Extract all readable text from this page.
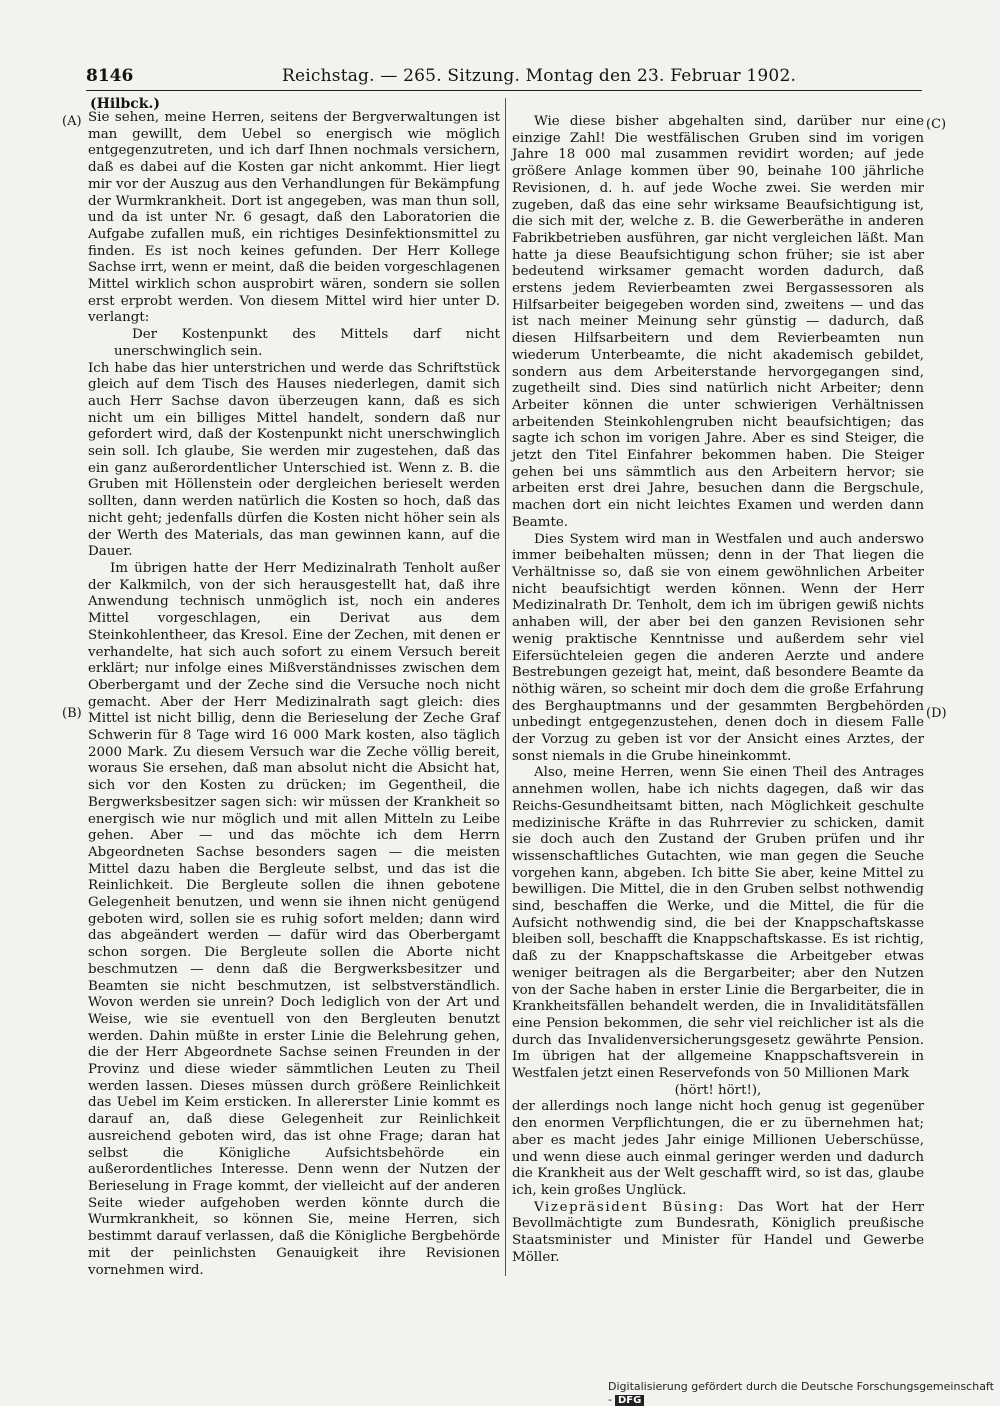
8146	Reichstag. — 265. Sitzung. Montag den 23. Februar 1902.
(Hilbck.)
(A)
(B)
(C)
(D)

Sie sehen, meine Herren, seitens der Bergverwaltungen ist man gewillt, dem Uebel so energisch wie möglich entgegenzutreten, und ich darf Ihnen nochmals versichern, daß es dabei auf die Kosten gar nicht ankommt. Hier liegt mir vor der Auszug aus den Verhandlungen für Bekämpfung der Wurmkrankheit. Dort ist angegeben, was man thun soll, und da ist unter Nr. 6 gesagt, daß den Laboratorien die Aufgabe zufallen muß, ein richtiges Desinfektionsmittel zu finden. Es ist noch keines gefunden. Der Herr Kollege Sachse irrt, wenn er meint, daß die beiden vorgeschlagenen Mittel wirklich schon ausprobirt wären, sondern sie sollen erst erprobt werden. Von diesem Mittel wird hier unter D. verlangt:

Der Kostenpunkt des Mittels darf nicht unerschwinglich sein.

Ich habe das hier unterstrichen und werde das Schriftstück gleich auf dem Tisch des Hauses niederlegen, damit sich auch Herr Sachse davon überzeugen kann, daß es sich nicht um ein billiges Mittel handelt, sondern daß nur gefordert wird, daß der Kostenpunkt nicht unerschwinglich sein soll. Ich glaube, Sie werden mir zugestehen, daß das ein ganz außerordentlicher Unterschied ist. Wenn z. B. die Gruben mit Höllenstein oder dergleichen berieselt werden sollten, dann werden natürlich die Kosten so hoch, daß das nicht geht; jedenfalls dürfen die Kosten nicht höher sein als der Werth des Materials, das man gewinnen kann, auf die Dauer.

Im übrigen hatte der Herr Medizinalrath Tenholt außer der Kalkmilch, von der sich herausgestellt hat, daß ihre Anwendung technisch unmöglich ist, noch ein anderes Mittel vorgeschlagen, ein Derivat aus dem Steinkohlentheer, das Kresol. Eine der Zechen, mit denen er verhandelte, hat sich auch sofort zu einem Versuch bereit erklärt; nur infolge eines Mißverständnisses zwischen dem Oberbergamt und der Zeche sind die Versuche noch nicht gemacht. Aber der Herr Medizinalrath sagt gleich: dies Mittel ist nicht billig, denn die Berieselung der Zeche Graf Schwerin für 8 Tage wird 16 000 Mark kosten, also täglich 2000 Mark. Zu diesem Versuch war die Zeche völlig bereit, woraus Sie ersehen, daß man absolut nicht die Absicht hat, sich vor den Kosten zu drücken; im Gegentheil, die Bergwerksbesitzer sagen sich: wir müssen der Krankheit so energisch wie nur möglich und mit allen Mitteln zu Leibe gehen. Aber — und das möchte ich dem Herrn Abgeordneten Sachse besonders sagen — die meisten Mittel dazu haben die Bergleute selbst, und das ist die Reinlichkeit. Die Bergleute sollen die ihnen gebotene Gelegenheit benutzen, und wenn sie ihnen nicht genügend geboten wird, sollen sie es ruhig sofort melden; dann wird das abgeändert werden — dafür wird das Oberbergamt schon sorgen. Die Bergleute sollen die Aborte nicht beschmutzen — denn daß die Bergwerksbesitzer und Beamten sie nicht beschmutzen, ist selbstverständlich. Wovon werden sie unrein? Doch lediglich von der Art und Weise, wie sie eventuell von den Bergleuten benutzt werden. Dahin müßte in erster Linie die Belehrung gehen, die der Herr Abgeordnete Sachse seinen Freunden in der Provinz und diese wieder sämmtlichen Leuten zu Theil werden lassen. Dieses müssen durch größere Reinlichkeit das Uebel im Keim ersticken. In allererster Linie kommt es darauf an, daß diese Gelegenheit zur Reinlichkeit ausreichend geboten wird, das ist ohne Frage; daran hat selbst die Königliche Aufsichtsbehörde ein außerordentliches Interesse. Denn wenn der Nutzen der Berieselung in Frage kommt, der vielleicht auf der anderen Seite wieder aufgehoben werden könnte durch die Wurmkrankheit, so können Sie, meine Herren, sich bestimmt darauf verlassen, daß die Königliche Bergbehörde mit der peinlichsten Genauigkeit ihre Revisionen vornehmen wird.

Wie diese bisher abgehalten sind, darüber nur eine einzige Zahl! Die westfälischen Gruben sind im vorigen Jahre 18 000 mal zusammen revidirt worden; auf jede größere Anlage kommen über 90, beinahe 100 jährliche Revisionen, d. h. auf jede Woche zwei. Sie werden mir zugeben, daß das eine sehr wirksame Beaufsichtigung ist, die sich mit der, welche z. B. die Gewerberäthe in anderen Fabrikbetrieben ausführen, gar nicht vergleichen läßt. Man hatte ja diese Beaufsichtigung schon früher; sie ist aber bedeutend wirksamer gemacht worden dadurch, daß erstens jedem Revierbeamten zwei Bergassessoren als Hilfsarbeiter beigegeben worden sind, zweitens — und das ist nach meiner Meinung sehr günstig — dadurch, daß diesen Hilfsarbeitern und dem Revierbeamten nun wiederum Unterbeamte, die nicht akademisch gebildet, sondern aus dem Arbeiterstande hervorgegangen sind, zugetheilt sind. Dies sind natürlich nicht Arbeiter; denn Arbeiter können die unter schwierigen Verhältnissen arbeitenden Steinkohlengruben nicht beaufsichtigen; das sagte ich schon im vorigen Jahre. Aber es sind Steiger, die jetzt den Titel Einfahrer bekommen haben. Die Steiger gehen bei uns sämmtlich aus den Arbeitern hervor; sie arbeiten erst drei Jahre, besuchen dann die Bergschule, machen dort ein nicht leichtes Examen und werden dann Beamte.

Dies System wird man in Westfalen und auch anderswo immer beibehalten müssen; denn in der That liegen die Verhältnisse so, daß sie von einem gewöhnlichen Arbeiter nicht beaufsichtigt werden können. Wenn der Herr Medizinalrath Dr. Tenholt, dem ich im übrigen gewiß nichts anhaben will, der aber bei den ganzen Revisionen sehr wenig praktische Kenntnisse und außerdem sehr viel Eifersüchteleien gegen die anderen Aerzte und andere Bestrebungen gezeigt hat, meint, daß besondere Beamte da nöthig wären, so scheint mir doch dem die große Erfahrung des Berghauptmanns und der gesammten Bergbehörden unbedingt entgegenzustehen, denen doch in diesem Falle der Vorzug zu geben ist vor der Ansicht eines Arztes, der sonst niemals in die Grube hineinkommt.

Also, meine Herren, wenn Sie einen Theil des Antrages annehmen wollen, habe ich nichts dagegen, daß wir das Reichs-Gesundheitsamt bitten, nach Möglichkeit geschulte medizinische Kräfte in das Ruhrrevier zu schicken, damit sie doch auch den Zustand der Gruben prüfen und ihr wissenschaftliches Gutachten, wie man gegen die Seuche vorgehen kann, abgeben. Ich bitte Sie aber, keine Mittel zu bewilligen. Die Mittel, die in den Gruben selbst nothwendig sind, beschaffen die Werke, und die Mittel, die für die Aufsicht nothwendig sind, die bei der Knappschaftskasse bleiben soll, beschafft die Knappschaftskasse. Es ist richtig, daß zu der Knappschaftskasse die Arbeitgeber etwas weniger beitragen als die Bergarbeiter; aber den Nutzen von der Sache haben in erster Linie die Bergarbeiter, die in Krankheitsfällen behandelt werden, die in Invaliditätsfällen eine Pension bekommen, die sehr viel reichlicher ist als die durch das Invalidenversicherungsgesetz gewährte Pension. Im übrigen hat der allgemeine Knappschaftsverein in Westfalen jetzt einen Reservefonds von 50 Millionen Mark

(hört! hört!),

der allerdings noch lange nicht hoch genug ist gegenüber den enormen Verpflichtungen, die er zu übernehmen hat; aber es macht jedes Jahr einige Millionen Ueberschüsse, und wenn diese auch einmal geringer werden und dadurch die Krankheit aus der Welt geschafft wird, so ist das, glaube ich, kein großes Unglück.

Vizepräsident Büsing: Das Wort hat der Herr Bevollmächtigte zum Bundesrath, Königlich preußische Staatsminister und Minister für Handel und Gewerbe Möller.

Digitalisierung gefördert durch die Deutsche Forschungsgemeinschaft - DFG
